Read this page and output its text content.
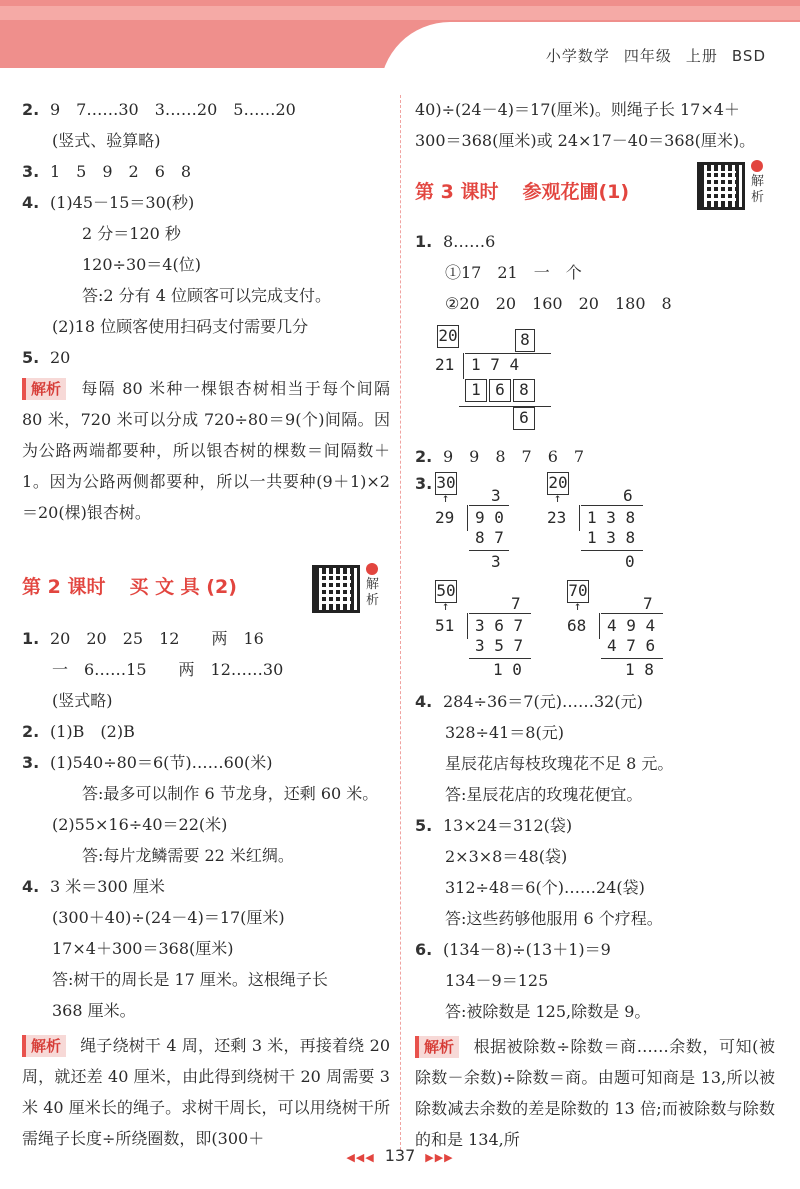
小学数学 四年级 上册 BSD
2. 9　7……30　3……20　5……20
(竖式、验算略)
3. 1　5　9　2　6　8
4. (1)45－15＝30(秒)
2 分＝120 秒
120÷30＝4(位)
答:2 分有 4 位顾客可以完成支付。
(2)18 位顾客使用扫码支付需要几分
5. 20
解析 每隔 80 米种一棵银杏树相当于每个间隔 80 米，720 米可以分成 720÷80＝9(个)间隔。因为公路两端都要种，所以银杏树的棵数＝间隔数＋1。因为公路两侧都要种，所以一共要种(9＋1)×2＝20(棵)银杏树。
第 2 课时 买 文 具 (2)	解析
1. 20　20　25　12　　两　16
一　6……15　　两　12……30
(竖式略)
2. (1)B　(2)B
3. (1)540÷80＝6(节)……60(米)
答:最多可以制作 6 节龙身，还剩 60 米。
(2)55×16÷40＝22(米)
答:每片龙鳞需要 22 米红绸。
4. 3 米＝300 厘米
(300＋40)÷(24－4)＝17(厘米)
17×4＋300＝368(厘米)
答:树干的周长是 17 厘米。这根绳子长
368 厘米。
解析 绳子绕树干 4 周，还剩 3 米，再接着绕 20 周，就还差 40 厘米，由此得到绕树干 20 周需要 3 米 40 厘米长的绳子。求树干周长，可以用绕树干所需绳子长度÷所绕圈数，即(300＋
40)÷(24－4)＝17(厘米)。则绳子长 17×4＋
300＝368(厘米)或 24×17－40＝368(厘米)。
第 3 课时 参观花圃(1)	解析
1. 8……6
①17　21　一　个
②20　20　160　20　180　8
20	8
21 1 7 4
1 6 8
6
2. 9　9　8　7　6　7
3. 30
↑	3
29 9 0
8 7
3
20
↑	6
23 1 3 8
1 3 8
0
50
↑	7
51 3 6 7
3 5 7
1 0
70
↑	7
68 4 9 4
4 7 6
1 8
4. 284÷36＝7(元)……32(元)
328÷41＝8(元)
星辰花店每枝玫瑰花不足 8 元。
答:星辰花店的玫瑰花便宜。
5. 13×24＝312(袋)
2×3×8＝48(袋)
312÷48＝6(个)……24(袋)
答:这些药够他服用 6 个疗程。
6. (134－8)÷(13＋1)＝9
134－9＝125
答:被除数是 125,除数是 9。
解析 根据被除数÷除数＝商……余数，可知(被除数－余数)÷除数＝商。由题可知商是 13,所以被除数减去余数的差是除数的 13 倍;而被除数与除数的和是 134,所
◀◀◀ 137 ▶▶▶
